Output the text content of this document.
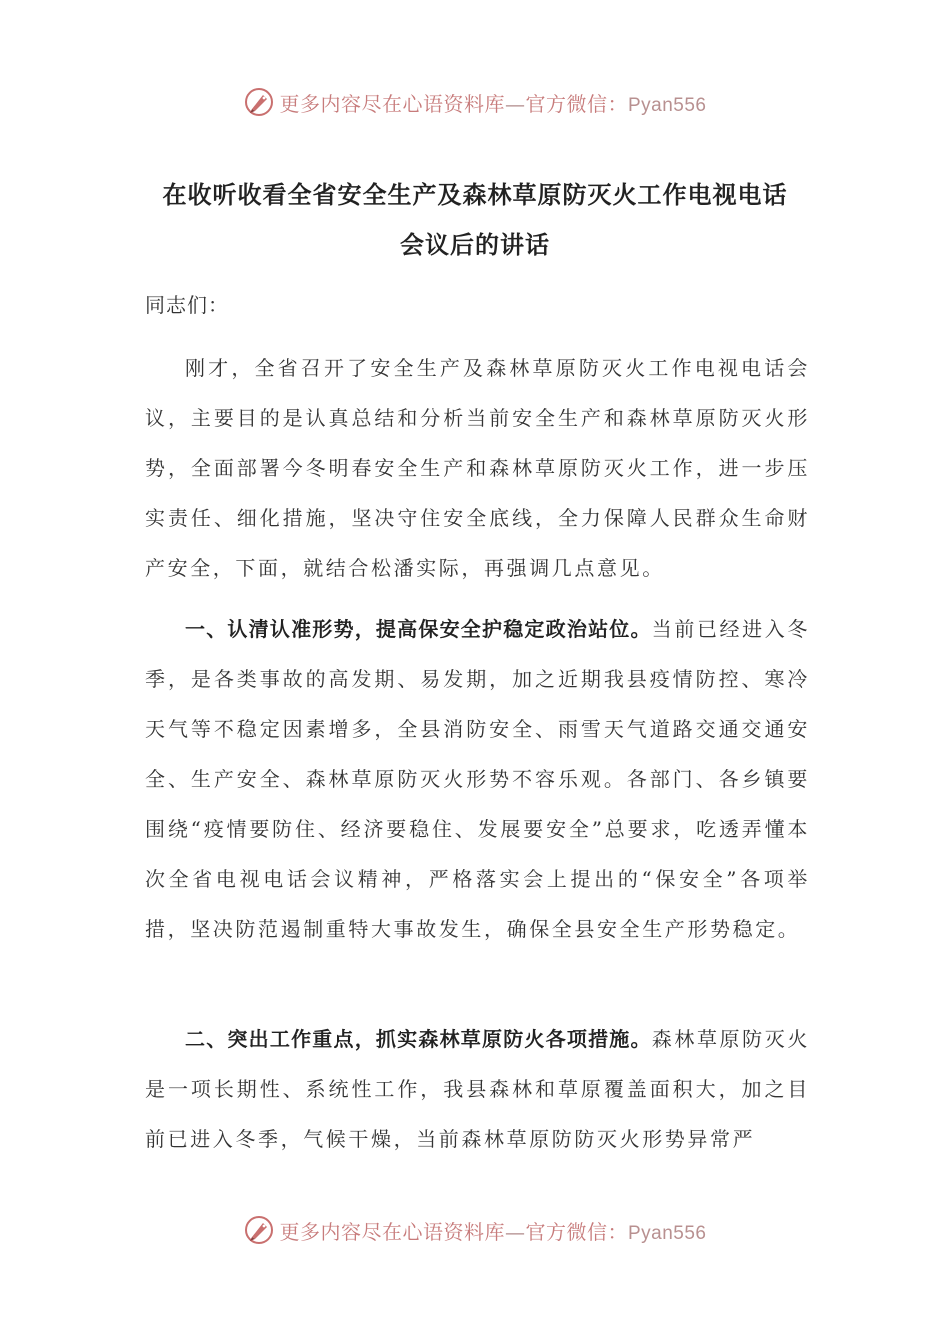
更多内容尽在心语资料库—官方微信：Pyan556
在收听收看全省安全生产及森林草原防灭火工作电视电话
会议后的讲话

同志们：

刚才，全省召开了安全生产及森林草原防灭火工作电视电话会议，主要目的是认真总结和分析当前安全生产和森林草原防灭火形势，全面部署今冬明春安全生产和森林草原防灭火工作，进一步压实责任、细化措施，坚决守住安全底线，全力保障人民群众生命财产安全，下面，就结合松潘实际，再强调几点意见。

一、认清认准形势，提高保安全护稳定政治站位。当前已经进入冬季，是各类事故的高发期、易发期，加之近期我县疫情防控、寒冷天气等不稳定因素增多，全县消防安全、雨雪天气道路交通交通安全、生产安全、森林草原防灭火形势不容乐观。各部门、各乡镇要围绕“疫情要防住、经济要稳住、发展要安全”总要求，吃透弄懂本次全省电视电话会议精神，严格落实会上提出的“保安全”各项举措，坚决防范遏制重特大事故发生，确保全县安全生产形势稳定。

二、突出工作重点，抓实森林草原防火各项措施。森林草原防灭火是一项长期性、系统性工作，我县森林和草原覆盖面积大，加之目前已进入冬季，气候干燥，当前森林草原防防灭火形势异常严

更多内容尽在心语资料库—官方微信：Pyan556
